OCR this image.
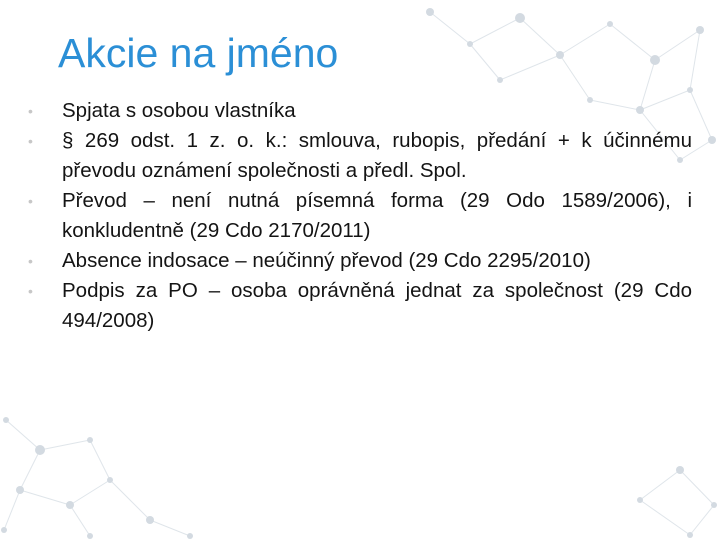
Akcie na jméno
• Spjata s osobou vlastníka
• § 269 odst. 1 z. o. k.: smlouva, rubopis, předání + k účinnému převodu oznámení společnosti a předl. Spol.
• Převod – není nutná písemná forma (29 Odo 1589/2006), i konkludentně (29 Cdo 2170/2011)
• Absence indosace – neúčinný převod (29 Cdo 2295/2010)
• Podpis za PO – osoba oprávněná jednat za společnost (29 Cdo 494/2008)
